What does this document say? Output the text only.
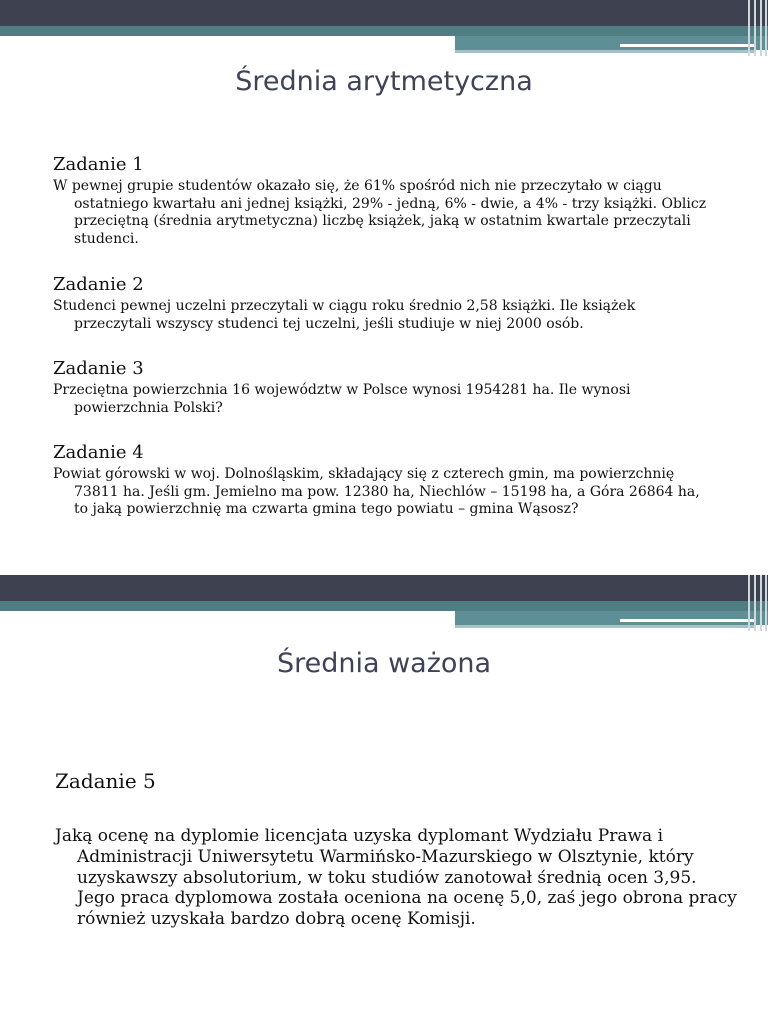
Średnia arytmetyczna
Zadanie 1

W pewnej grupie studentów okazało się, że 61% spośród nich nie przeczytało w ciągu ostatniego kwartału ani jednej książki, 29% - jedną, 6% - dwie, a 4% - trzy książki. Oblicz przeciętną (średnia arytmetyczna) liczbę książek, jaką w ostatnim kwartale przeczytali studenci.

Zadanie 2

Studenci pewnej uczelni przeczytali w ciągu roku średnio 2,58 książki. Ile książek przeczytali wszyscy studenci tej uczelni, jeśli studiuje w niej 2000 osób.

Zadanie 3

Przeciętna powierzchnia 16 województw w Polsce wynosi 1954281 ha. Ile wynosi powierzchnia Polski?

Zadanie 4

Powiat górowski w woj. Dolnośląskim, składający się z czterech gmin, ma powierzchnię 73811 ha. Jeśli gm. Jemielno ma pow. 12380 ha, Niechlów – 15198 ha, a Góra 26864 ha, to jaką powierzchnię ma czwarta gmina tego powiatu – gmina Wąsosz?

Średnia ważona
Zadanie 5

Jaką ocenę na dyplomie licencjata uzyska dyplomant Wydziału Prawa i Administracji Uniwersytetu Warmińsko-Mazurskiego w Olsztynie, który uzyskawszy absolutorium, w toku studiów zanotował średnią ocen 3,95. Jego praca dyplomowa została oceniona na ocenę 5,0, zaś jego obrona pracy również uzyskała bardzo dobrą ocenę Komisji.
